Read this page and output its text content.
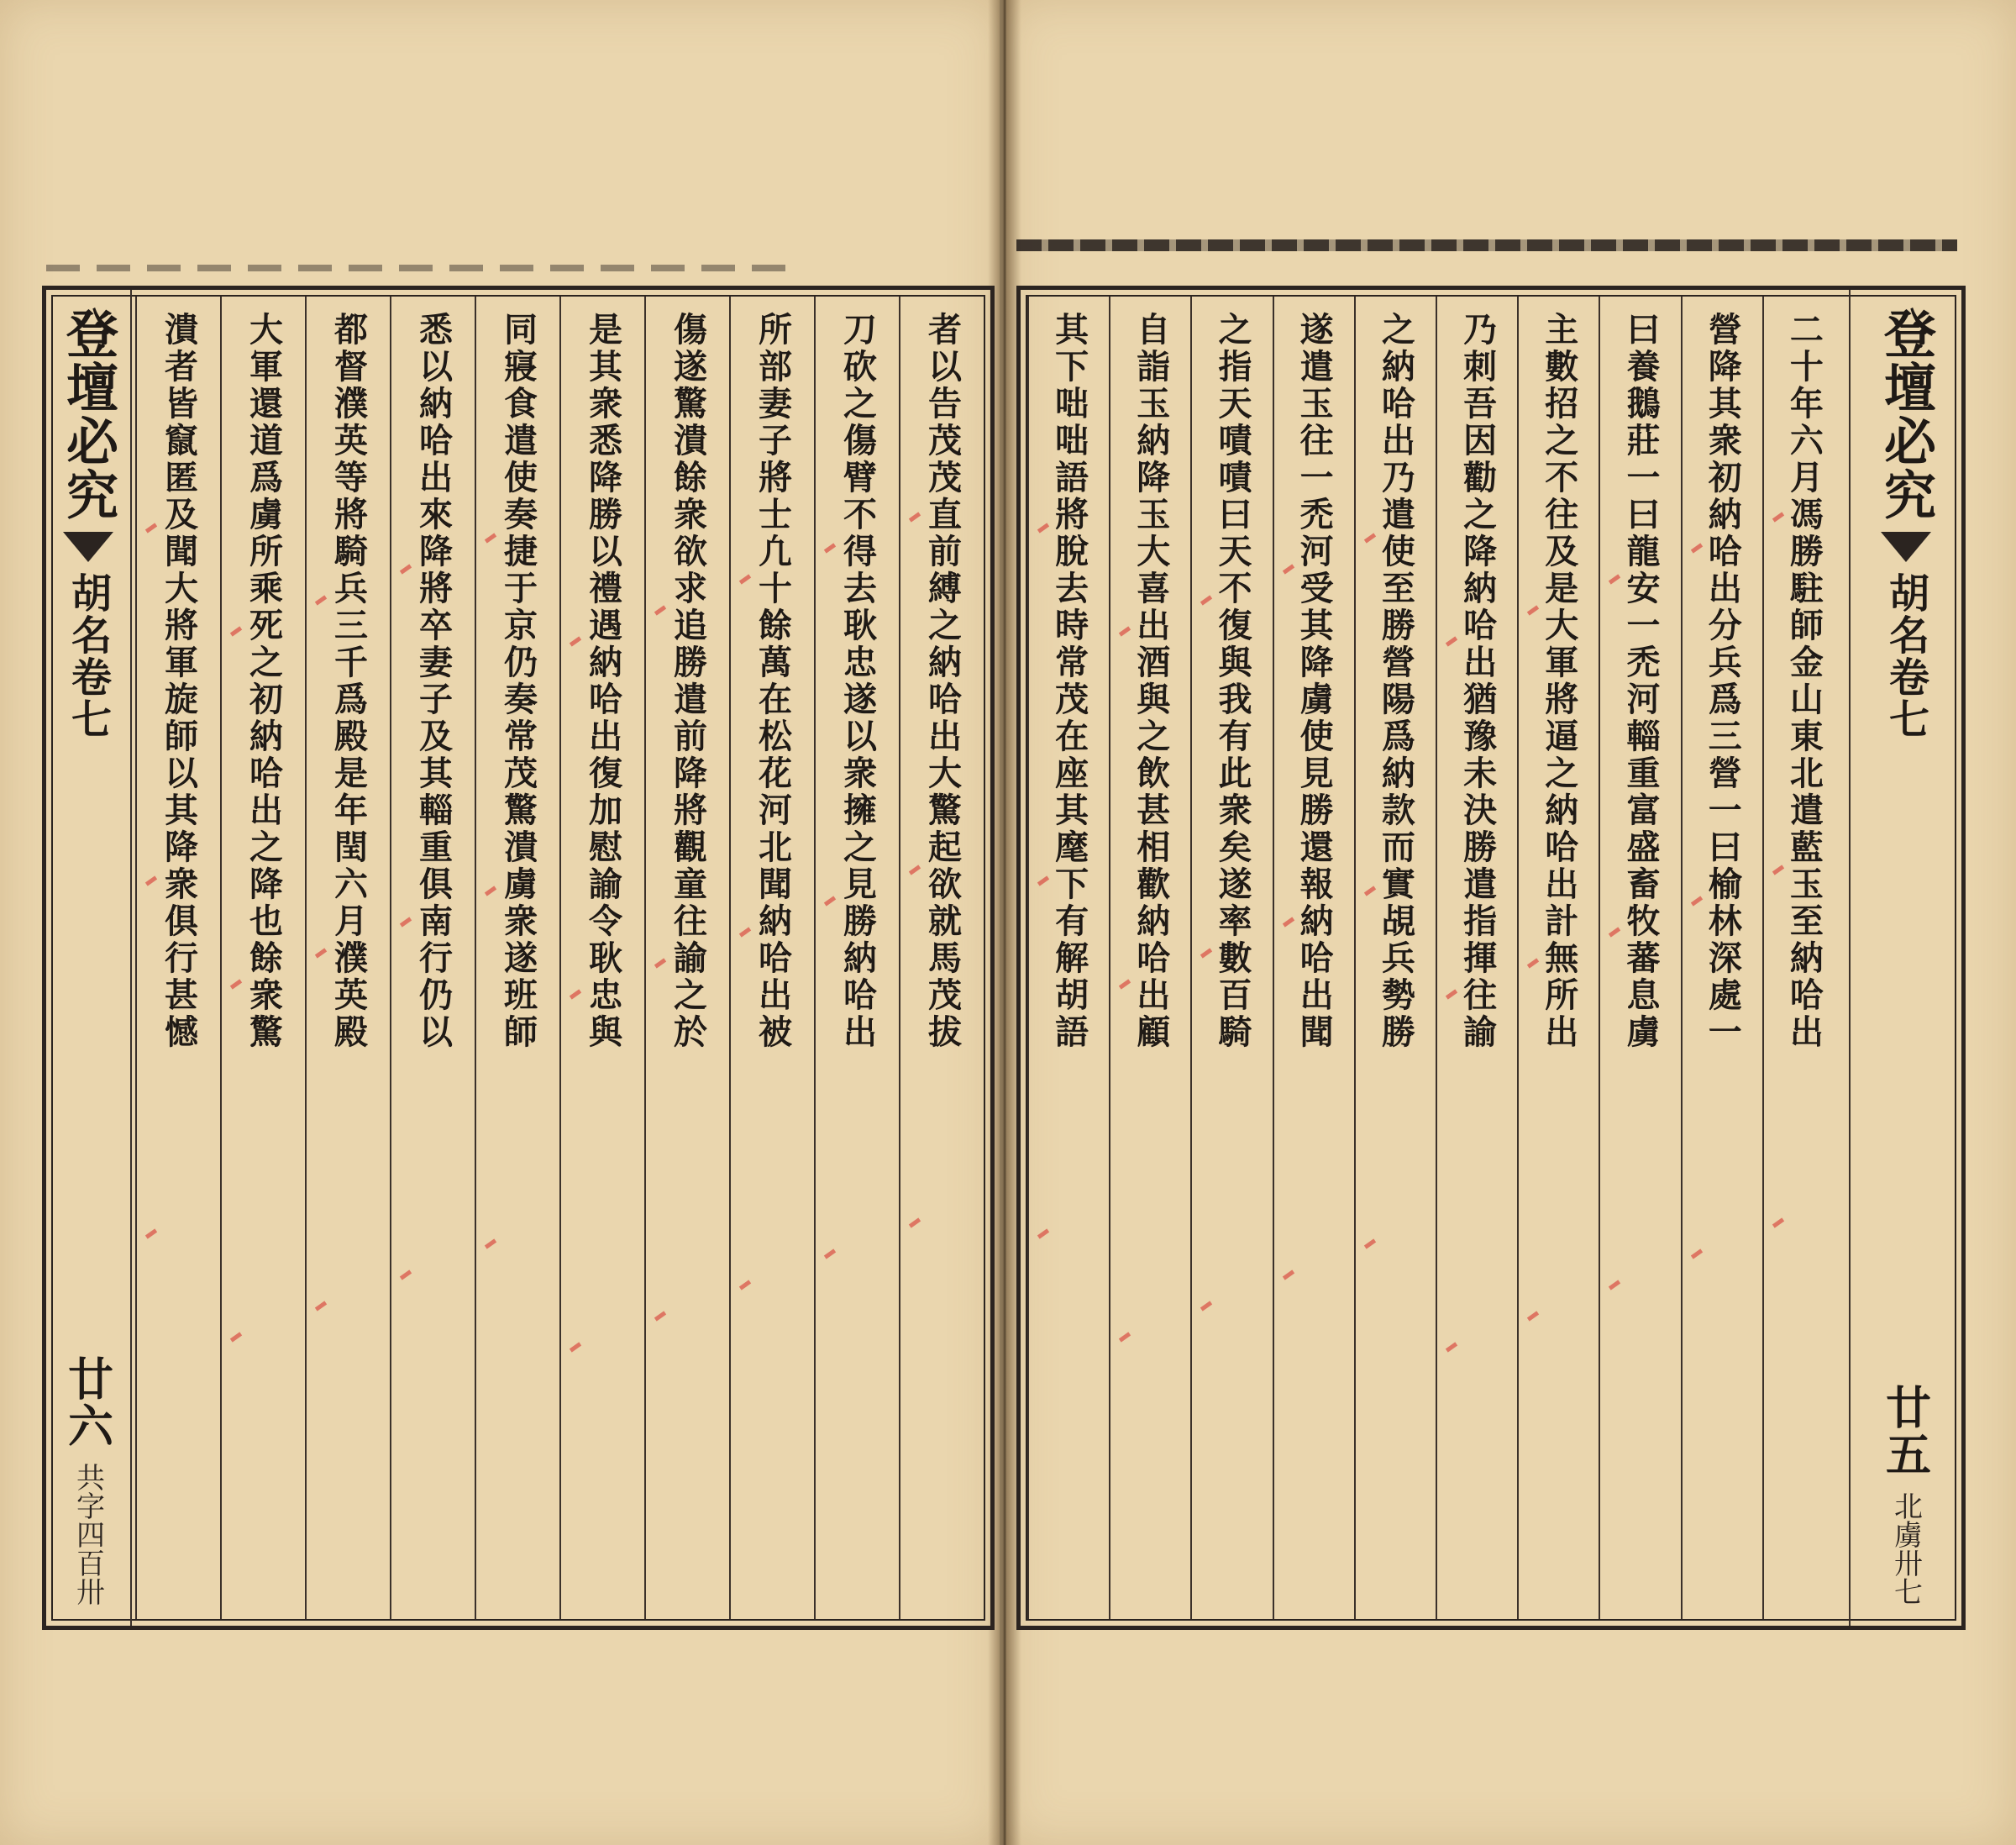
登壇必究
胡名卷七
廿六
共字四百卅
者以告茂茂直前縛之納哈出大驚起欲就馬茂拔
刀砍之傷臂不得去耿忠遂以衆擁之見勝納哈出
所部妻子將士凢十餘萬在松花河北聞納哈出被
傷遂驚潰餘衆欲求追勝遣前降將觀童往諭之於
是其衆悉降勝以禮遇納哈出復加慰諭令耿忠與
同寢食遣使奏捷于京仍奏常茂驚潰虜衆遂班師
悉以納哈出來降將卒妻子及其輜重俱南行仍以
都督濮英等將騎兵三千爲殿是年閏六月濮英殿
大軍還道爲虜所乘死之初納哈出之降也餘衆驚
潰者皆竄匿及聞大將軍旋師以其降衆俱行甚憾	登壇必究
胡名卷七
廿五
北虜卅七
二十年六月馮勝駐師金山東北遣藍玉至納哈出
營降其衆初納哈出分兵爲三營一曰榆林深處一
曰養鵝莊一曰龍安一禿河輜重富盛畜牧蕃息虜
主數招之不往及是大軍將逼之納哈出計無所出
乃刺吾因勸之降納哈出猶豫未決勝遣指揮往諭
之納哈出乃遣使至勝營陽爲納款而實覘兵勢勝
遂遣玉往一禿河受其降虜使見勝還報納哈出聞
之指天嘖嘖曰天不復與我有此衆矣遂率數百騎
自詣玉納降玉大喜出酒與之飲甚相歡納哈出顧
其下咄咄語將脫去時常茂在座其麾下有解胡語
